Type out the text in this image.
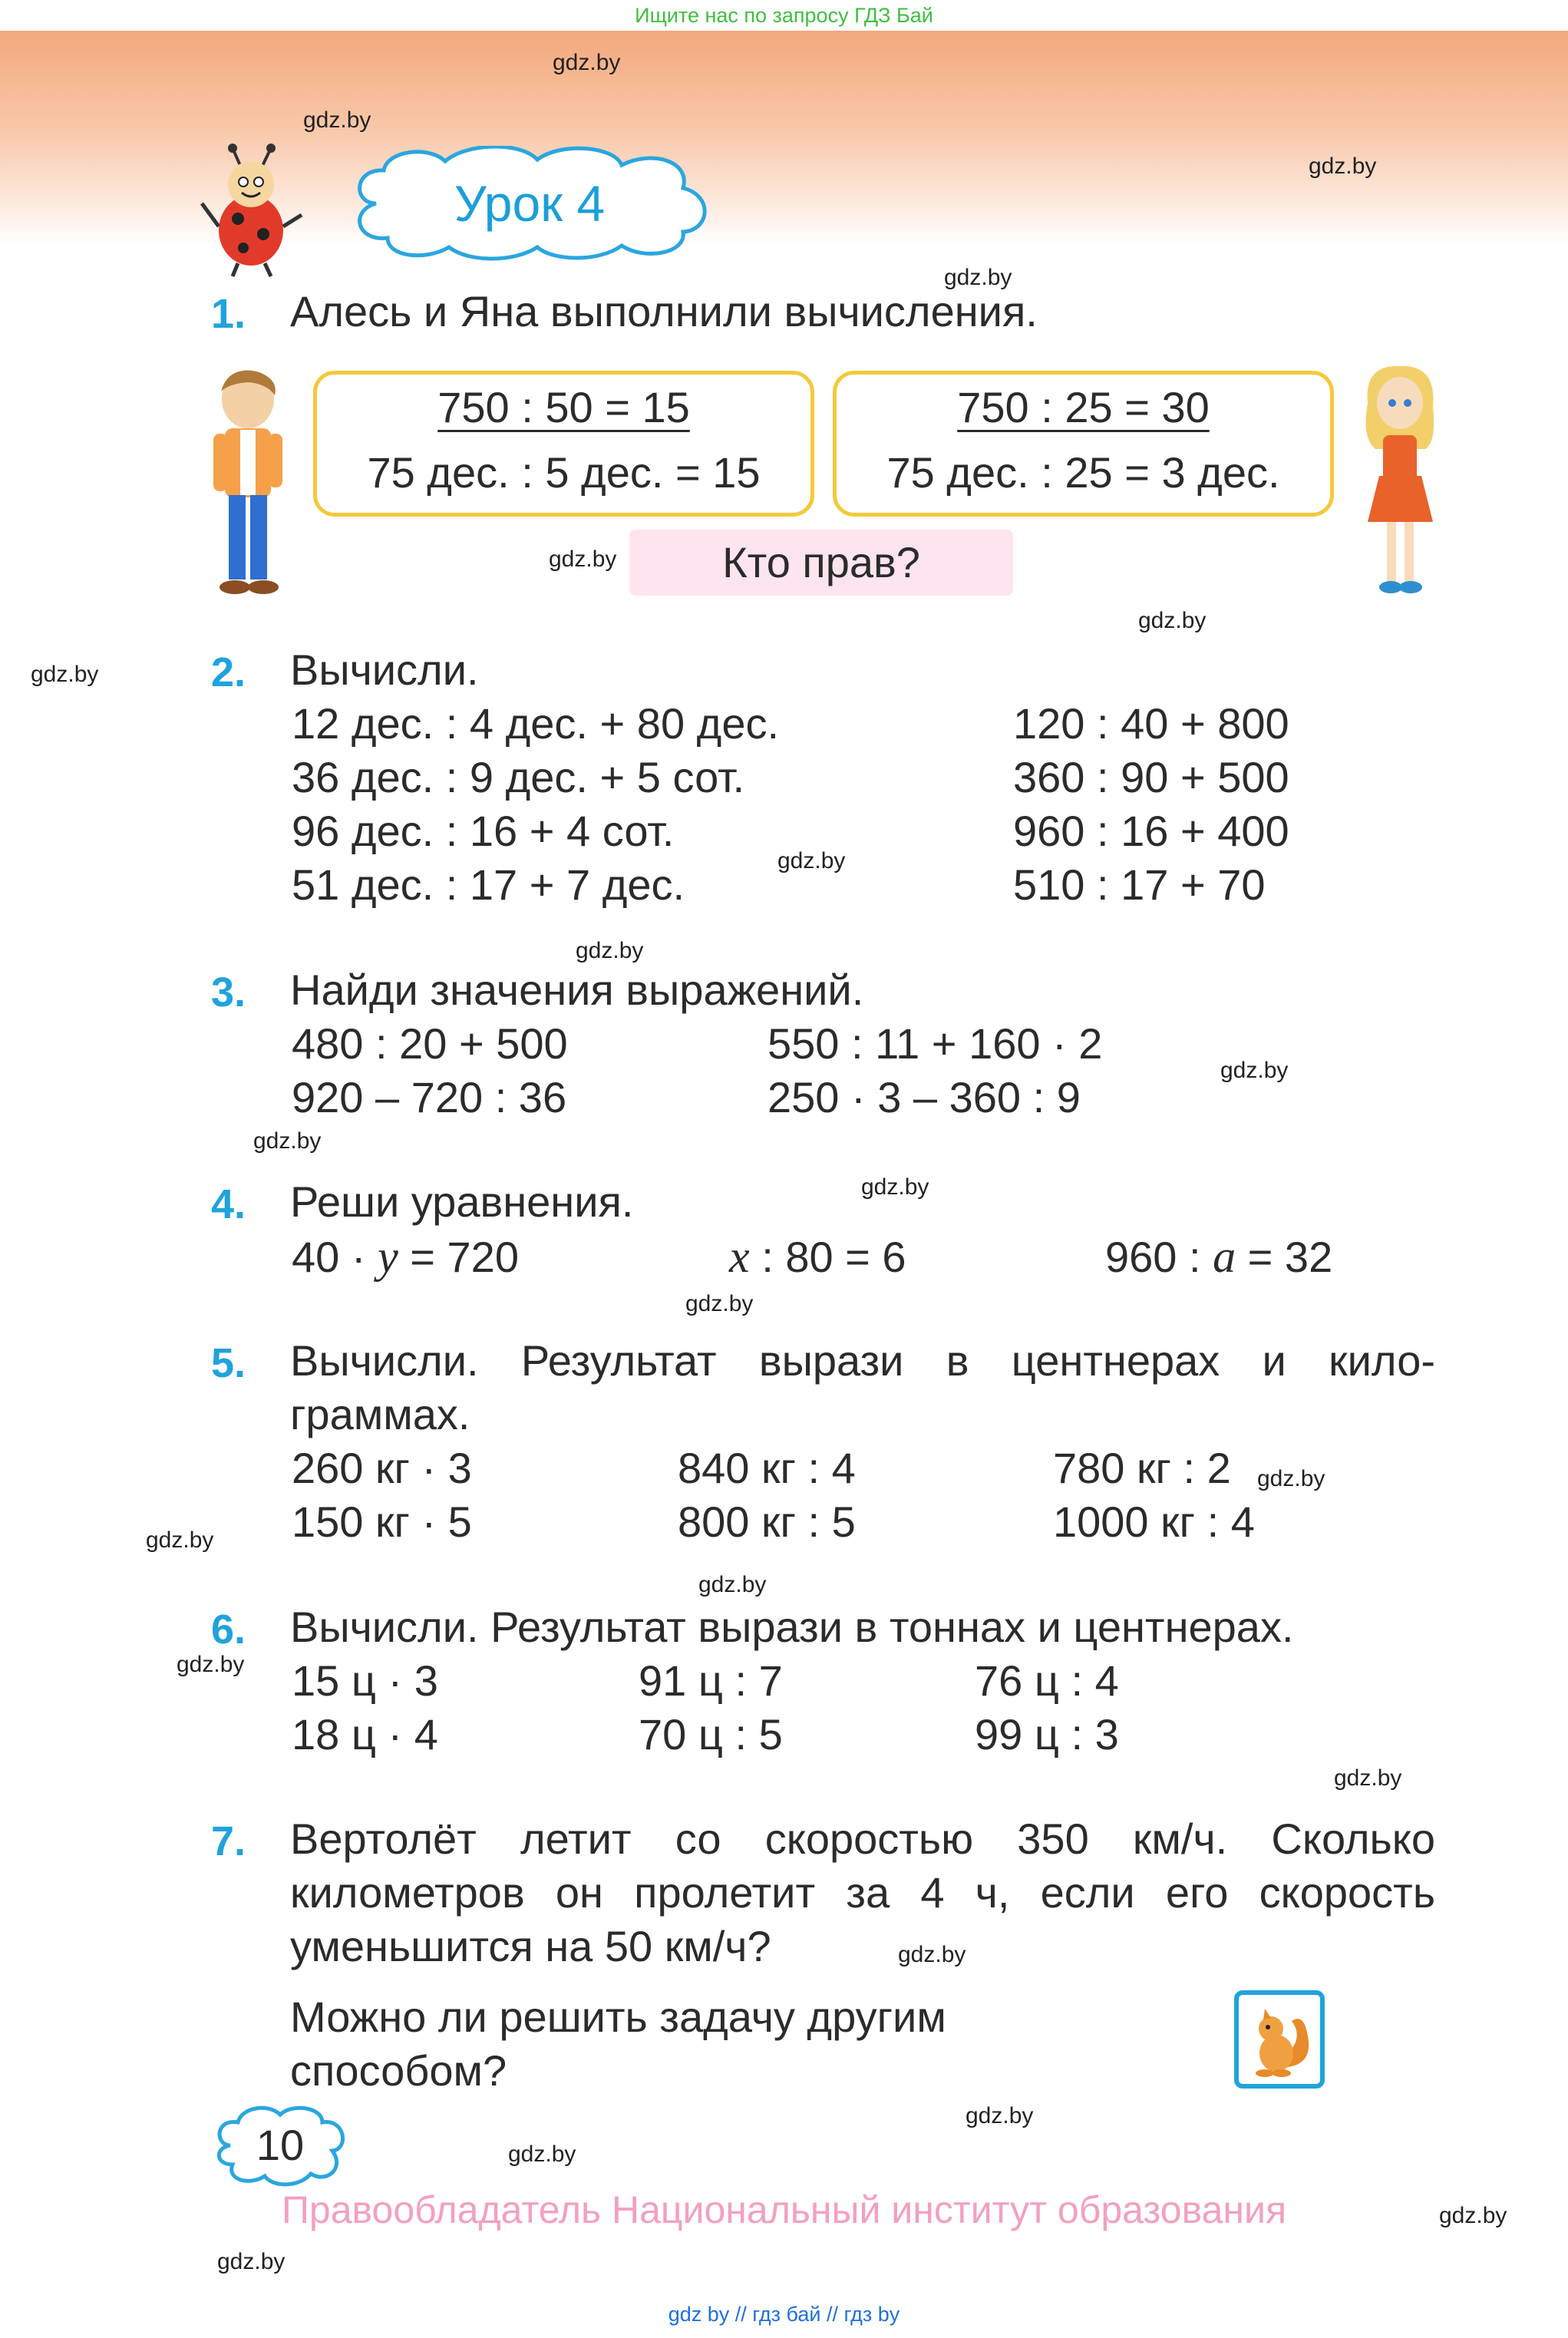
Ищите нас по запросу ГДЗ Бай
gdz.by
gdz.by
gdz.by
gdz.by
gdz.by
gdz.by
gdz.by
gdz.by
gdz.by
gdz.by
gdz.by
gdz.by
gdz.by
gdz.by
gdz.by
gdz.by
gdz.by
gdz.by
gdz.by
gdz.by
gdz.by
gdz.by
gdz.by
Урок 4
1. Алесь и Яна выполнили вычисления.
750 : 50 = 15
75 дес. : 5 дес. = 15
750 : 25 = 30
75 дес. : 25 = 3 дес.
Кто прав?
2. Вычисли.
12 дес. : 4 дес. + 80 дес.
36 дес. : 9 дес. + 5 сот.
96 дес. : 16 + 4 сот.
51 дес. : 17 + 7 дес.
120 : 40 + 800
360 : 90 + 500
960 : 16 + 400
510 : 17 + 70
3. Найди значения выражений.
480 : 20 + 500
920 – 720 : 36
550 : 11 + 160 · 2
250 · 3 – 360 : 9
4. Реши уравнения.
40 · y = 720	x : 80 = 6	960 : a = 32
5. Вычисли. Результат вырази в центнерах и кило-
граммах.
260 кг · 3
150 кг · 5
840 кг : 4
800 кг : 5
780 кг : 2
1000 кг : 4
6. Вычисли. Результат вырази в тоннах и центнерах.
15 ц · 3
18 ц · 4
91 ц : 7
70 ц : 5
76 ц : 4
99 ц : 3
7. Вертолёт летит со скоростью 350 км/ч. Сколько
километров он пролетит за 4 ч, если его скорость
уменьшится на 50 км/ч?
Можно ли решить задачу другим
способом?
10
Правообладатель Национальный институт образования
gdz by // гдз бай // гдз by
